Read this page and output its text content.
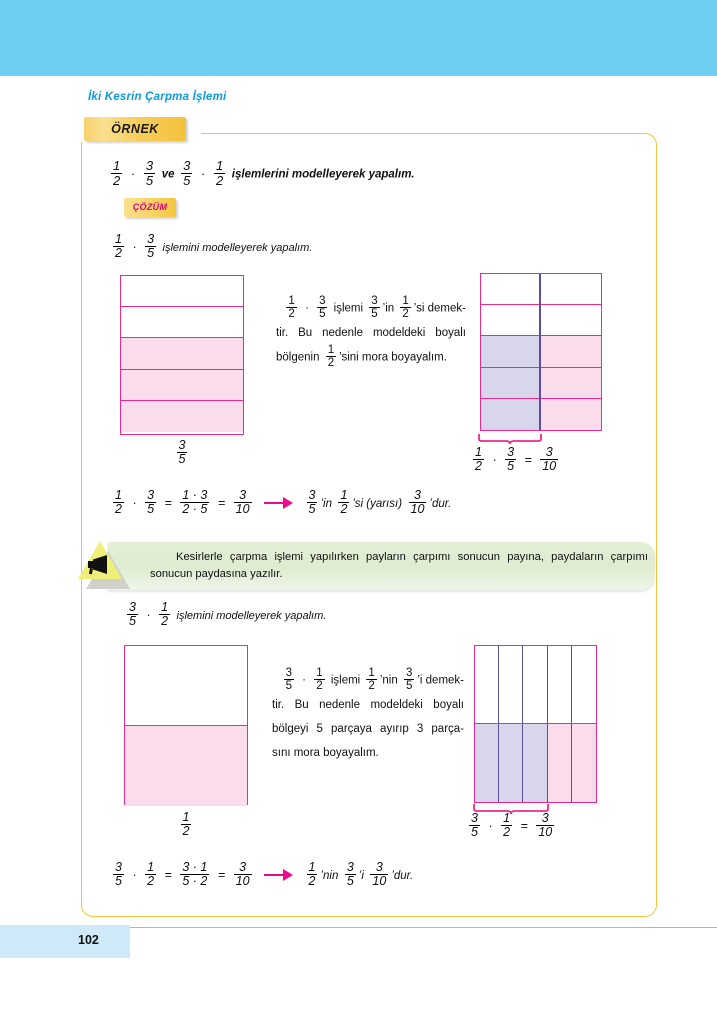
İki Kesrin Çarpma İşlemi
ÖRNEK
$\frac{1}{2} \cdot \frac{3}{5}$ ve $\frac{3}{5} \cdot \frac{1}{2}$ işlemlerini modelleyerek yapalım.
ÇÖZÜM
$\frac{1}{2} \cdot \frac{3}{5}$ işlemini modelleyerek yapalım.
$\frac{3}{5}$
$\frac{1}{2} \cdot \frac{3}{5}$ işlemi $\frac{3}{5}$ ’in $\frac{1}{2}$ ’si demek-
tir. Bu nedenle modeldeki boyalı
bölgenin $\frac{1}{2}$ ’sini mora boyayalım.
$\frac{1}{2} \cdot \frac{3}{5} = \frac{3}{10}$
$\frac{1}{2} \cdot \frac{3}{5} = \frac{1 \cdot 3}{2 \cdot 5} = \frac{3}{10}$

	$\frac{3}{5}$ ’in $\frac{1}{2}$ ’si (yarısı) $\frac{3}{10}$ ’dur.
Kesirlerle çarpma işlemi yapılırken payların çarpımı sonucun payına, paydaların çarpımı sonucun paydasına yazılır.
$\frac{3}{5} \cdot \frac{1}{2}$ işlemini modelleyerek yapalım.
$\frac{1}{2}$
$\frac{3}{5} \cdot \frac{1}{2}$ işlemi $\frac{1}{2}$ ’nin $\frac{3}{5}$ ’i demek-
tir. Bu nedenle modeldeki boyalı
bölgeyi 5 parçaya ayırıp 3 parça-
sını mora boyayalım.
$\frac{3}{5} \cdot \frac{1}{2} = \frac{3}{10}$
$\frac{3}{5} \cdot \frac{1}{2} = \frac{3 \cdot 1}{5 \cdot 2} = \frac{3}{10}$

	$\frac{1}{2}$ ’nin $\frac{3}{5}$ ’i $\frac{3}{10}$ ’dur.
102
